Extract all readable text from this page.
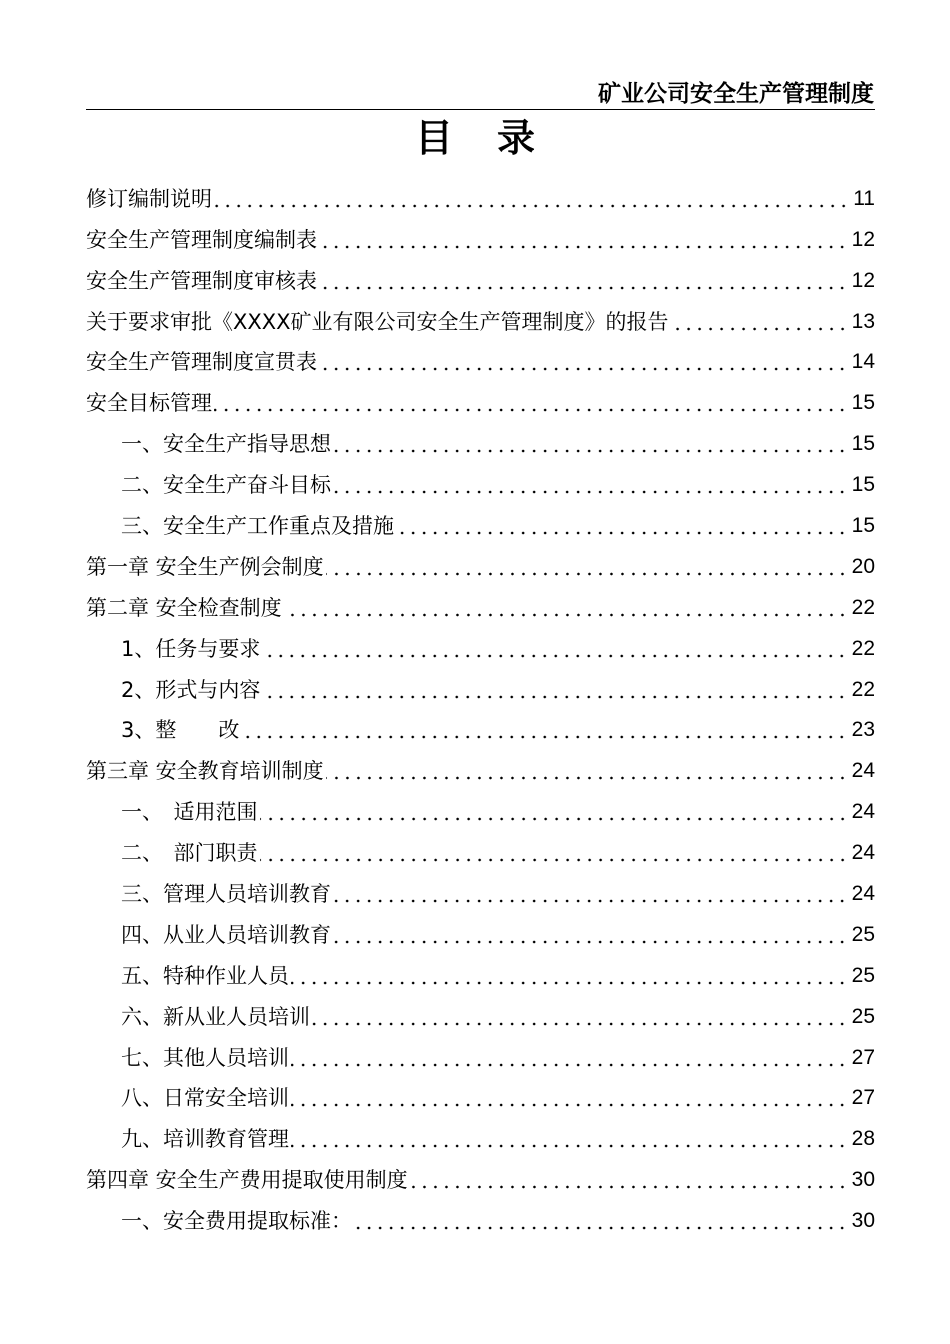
矿业公司安全生产管理制度
目 录
修订编制说明	11
安全生产管理制度编制表	12
安全生产管理制度审核表	12
关于要求审批《XXXX矿业有限公司安全生产管理制度》的报告	13
安全生产管理制度宣贯表	14
安全目标管理	15
一、安全生产指导思想	15
二、安全生产奋斗目标	15
三、安全生产工作重点及措施	15
第一章 安全生产例会制度	20
第二章 安全检查制度	22
1、任务与要求	22
2、形式与内容	22
3、整　　改	23
第三章 安全教育培训制度	24
一、　适用范围	24
二、　部门职责	24
三、管理人员培训教育	24
四、从业人员培训教育	25
五、特种作业人员	25
六、新从业人员培训	25
七、其他人员培训	27
八、日常安全培训	27
九、培训教育管理	28
第四章 安全生产费用提取使用制度	30
一、安全费用提取标准：	30
